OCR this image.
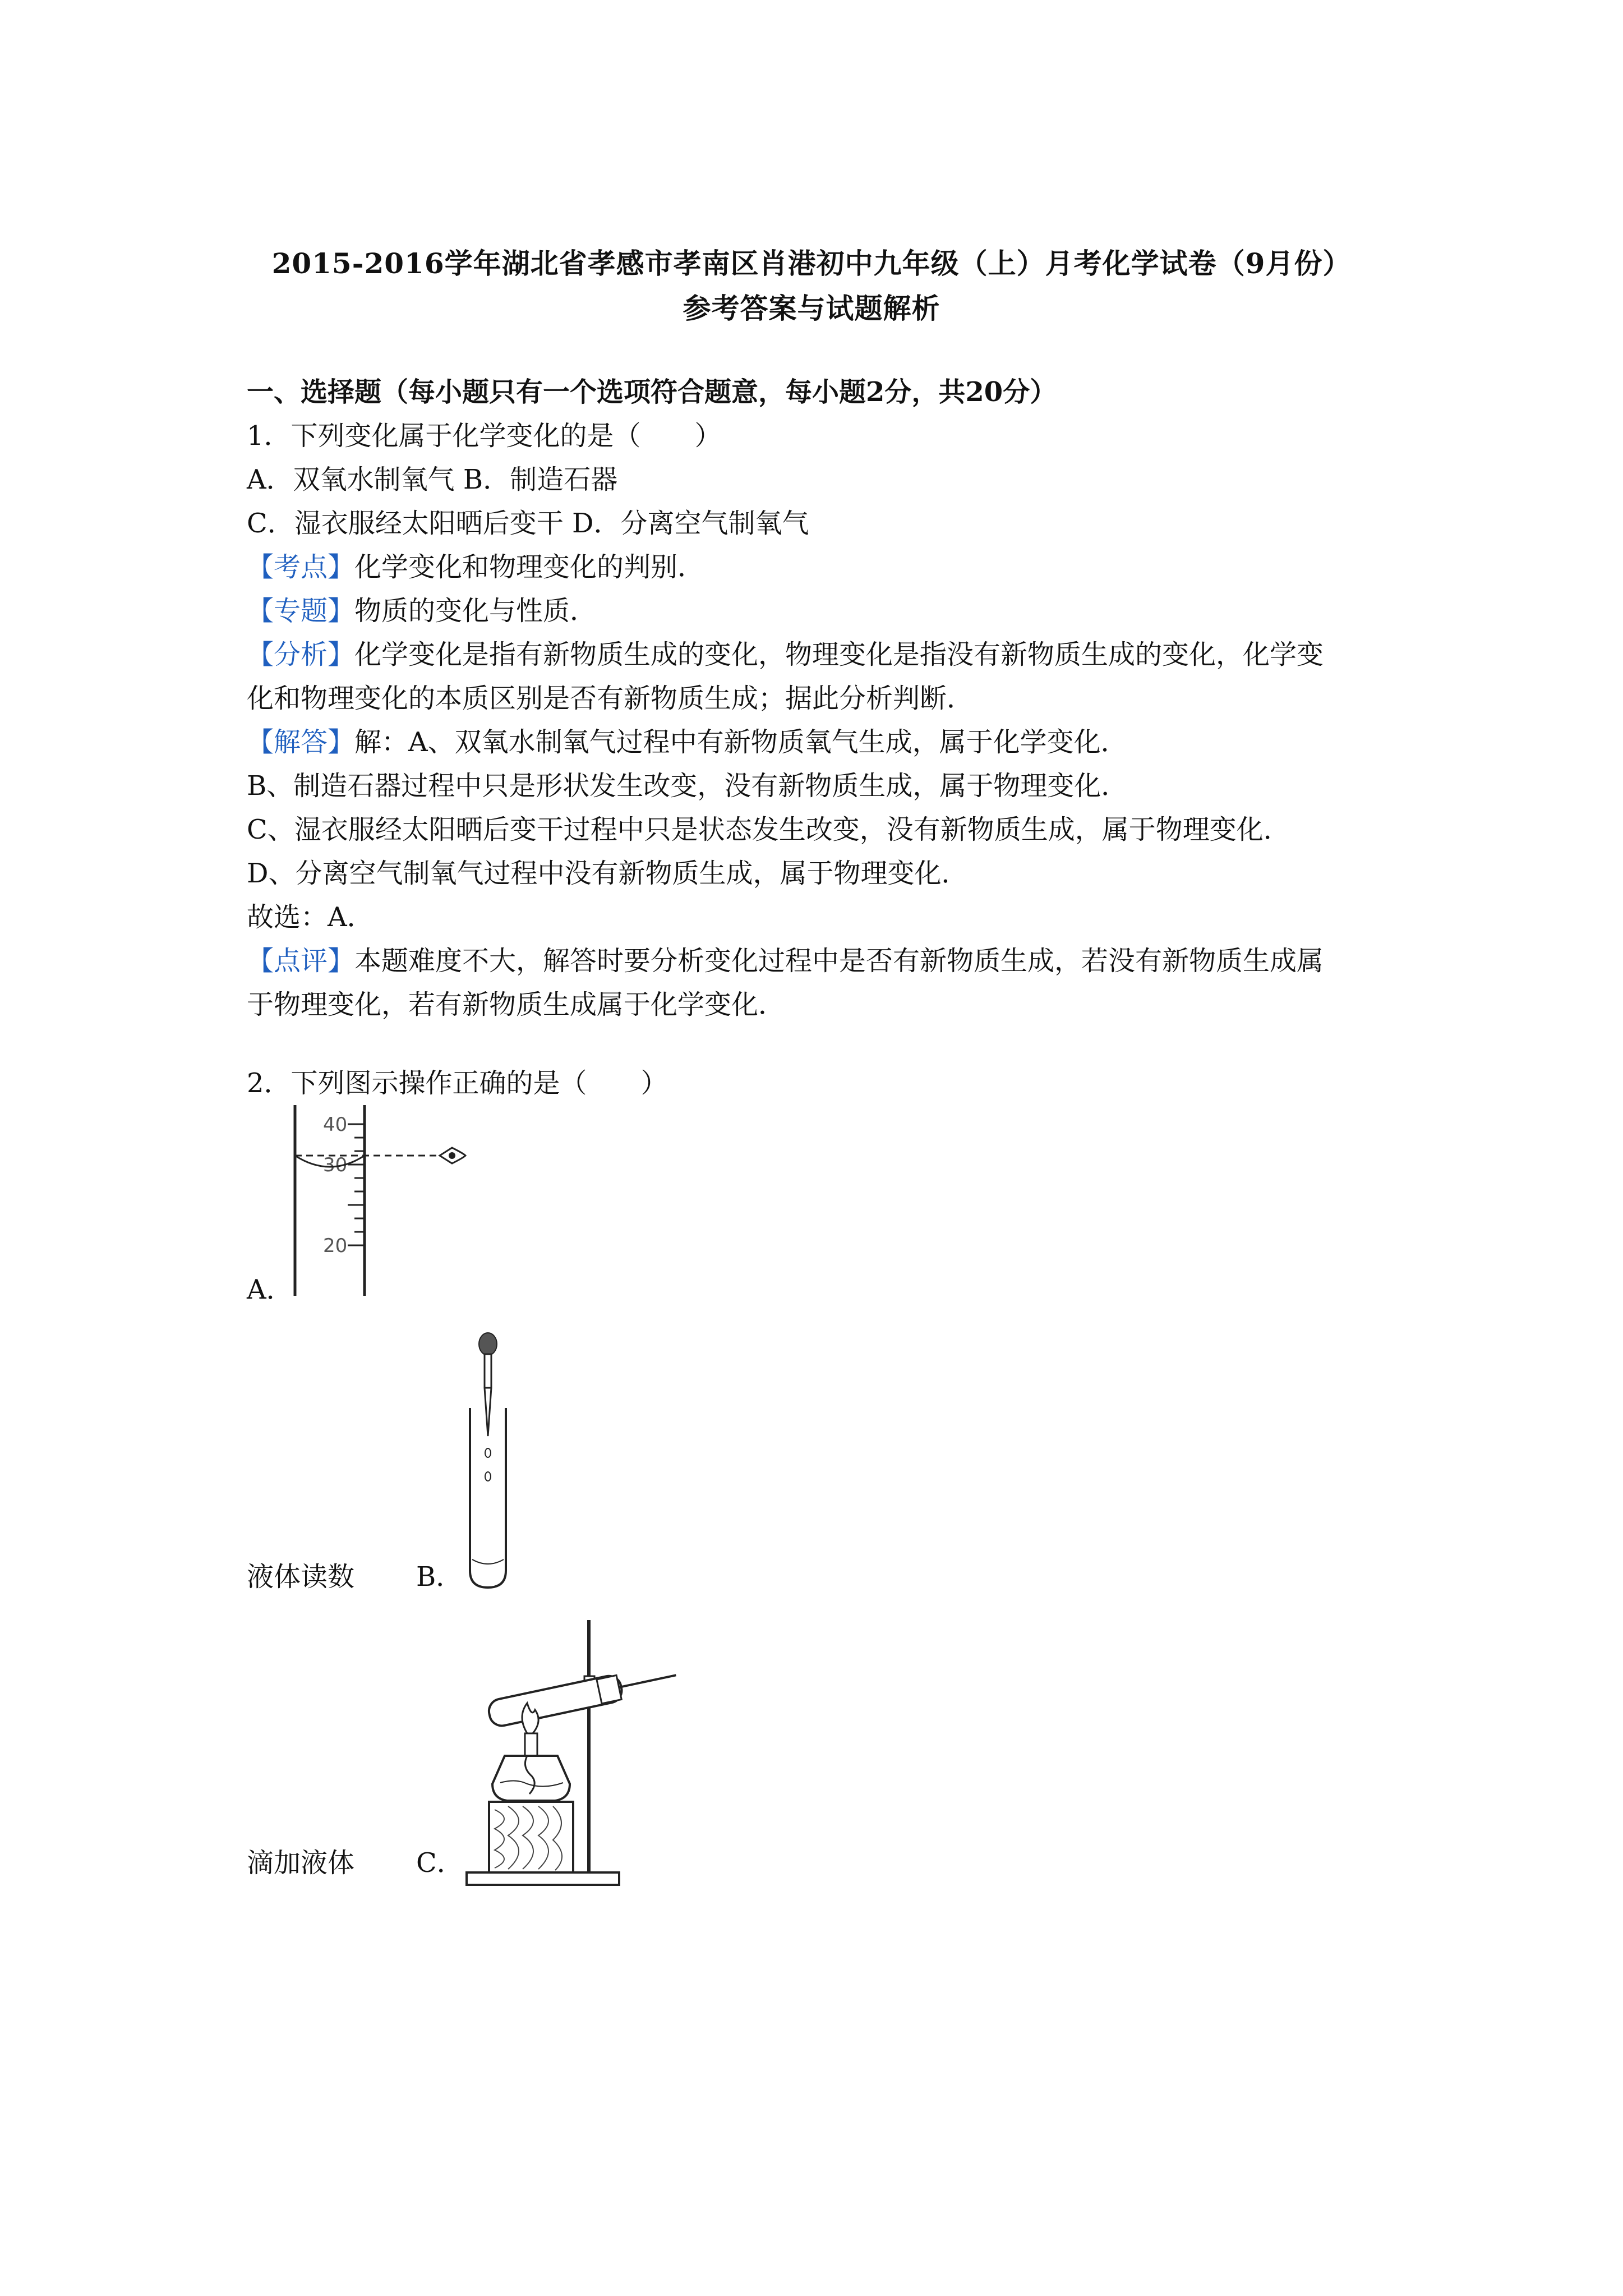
2015-2016学年湖北省孝感市孝南区肖港初中九年级（上）月考化学试卷（9月份）
参考答案与试题解析
一、选择题（每小题只有一个选项符合题意，每小题2分，共20分）
1．下列变化属于化学变化的是（　　）
A．双氧水制氧气 B．制造石器
C．湿衣服经太阳晒后变干 D．分离空气制氧气
【考点】化学变化和物理变化的判别．
【专题】物质的变化与性质．
【分析】化学变化是指有新物质生成的变化，物理变化是指没有新物质生成的变化，化学变
化和物理变化的本质区别是否有新物质生成；据此分析判断．
【解答】解：A、双氧水制氧气过程中有新物质氧气生成，属于化学变化．
B、制造石器过程中只是形状发生改变，没有新物质生成，属于物理变化．
C、湿衣服经太阳晒后变干过程中只是状态发生改变，没有新物质生成，属于物理变化．
D、分离空气制氧气过程中没有新物质生成，属于物理变化．
故选：A．
【点评】本题难度不大，解答时要分析变化过程中是否有新物质生成，若没有新物质生成属
于物理变化，若有新物质生成属于化学变化．
2．下列图示操作正确的是（　　）
A．
40
30
20
液体读数 B．
滴加液体 C．
